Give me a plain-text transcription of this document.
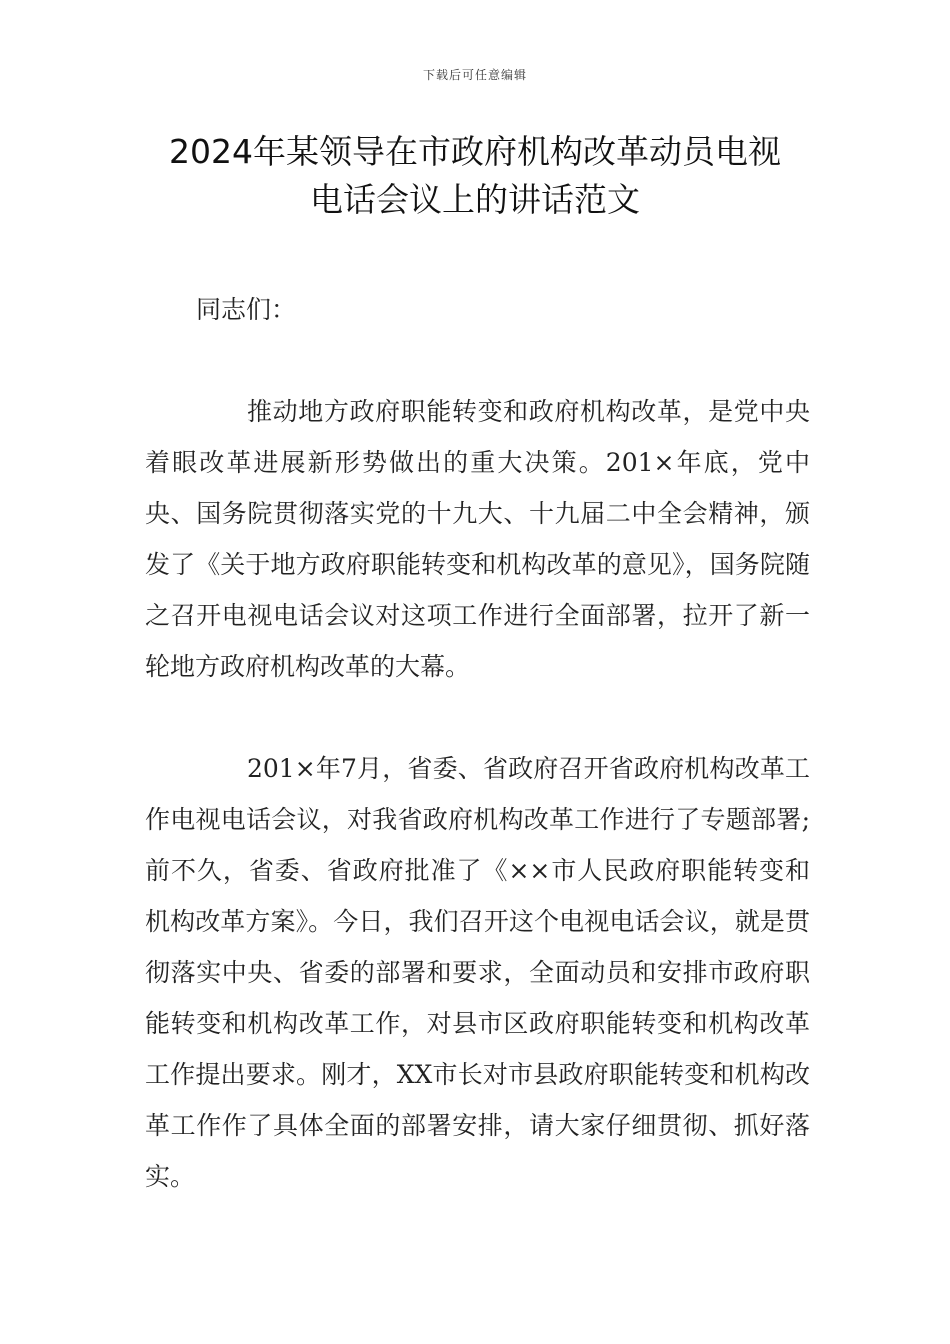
下载后可任意编辑
2024年某领导在市政府机构改革动员电视
电话会议上的讲话范文

同志们：

推动地方政府职能转变和政府机构改革，是党中央着眼改革进展新形势做出的重大决策。201×年底，党中央、国务院贯彻落实党的十九大、十九届二中全会精神，颁发了《关于地方政府职能转变和机构改革的意见》，国务院随之召开电视电话会议对这项工作进行全面部署，拉开了新一轮地方政府机构改革的大幕。

201×年7月，省委、省政府召开省政府机构改革工作电视电话会议，对我省政府机构改革工作进行了专题部署;前不久，省委、省政府批准了《××市人民政府职能转变和机构改革方案》。今日，我们召开这个电视电话会议，就是贯彻落实中央、省委的部署和要求，全面动员和安排市政府职能转变和机构改革工作，对县市区政府职能转变和机构改革工作提出要求。刚才，XX市长对市县政府职能转变和机构改革工作作了具体全面的部署安排，请大家仔细贯彻、抓好落实。
